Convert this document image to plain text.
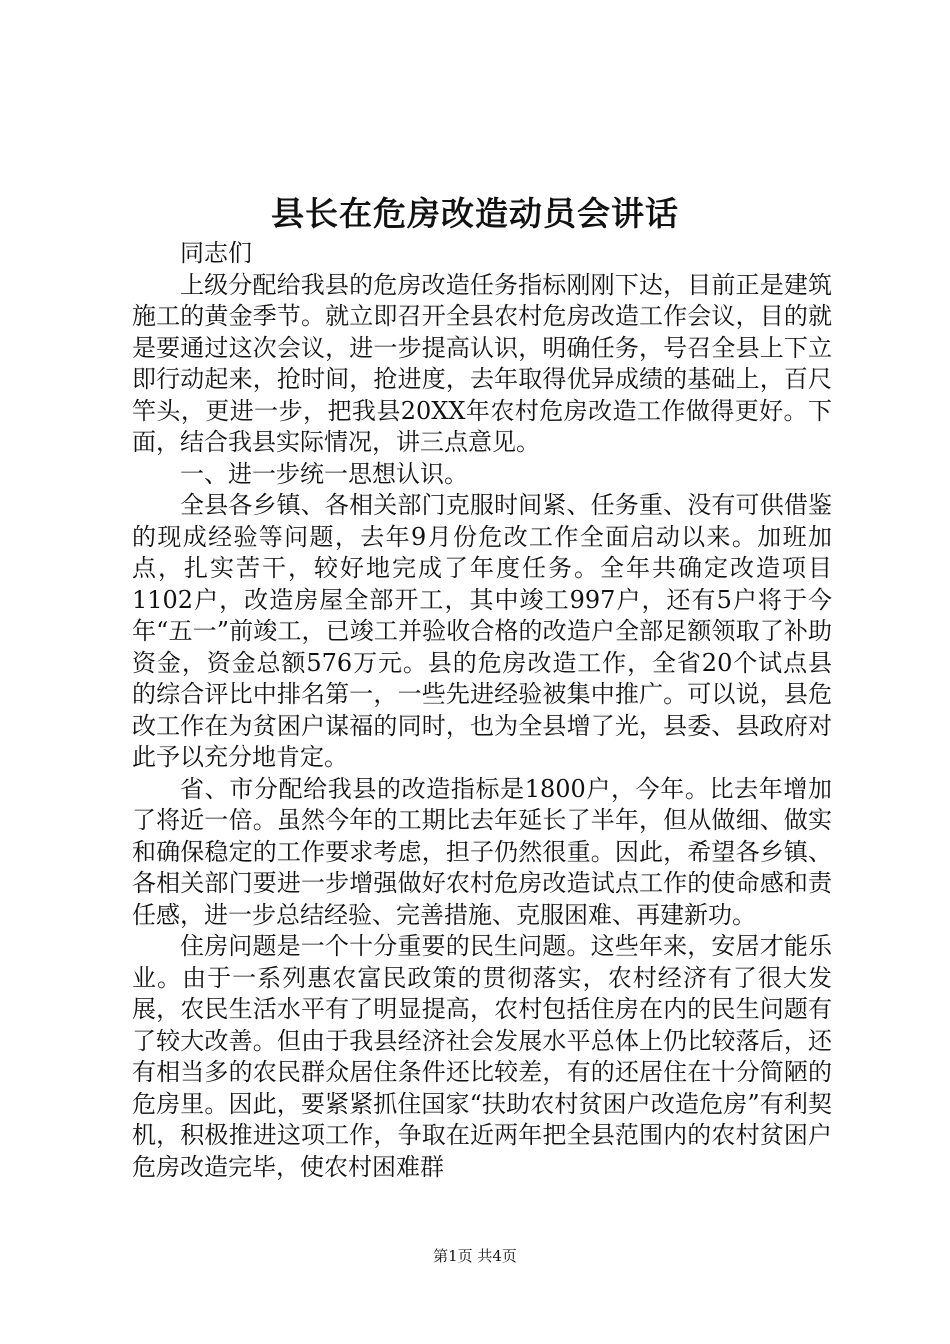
县长在危房改造动员会讲话

同志们

上级分配给我县的危房改造任务指标刚刚下达，目前正是建筑施工的黄金季节。就立即召开全县农村危房改造工作会议，目的就是要通过这次会议，进一步提高认识，明确任务，号召全县上下立即行动起来，抢时间，抢进度，去年取得优异成绩的基础上，百尺竿头，更进一步，把我县20XX年农村危房改造工作做得更好。下面，结合我县实际情况，讲三点意见。

一、进一步统一思想认识。

全县各乡镇、各相关部门克服时间紧、任务重、没有可供借鉴的现成经验等问题，去年9月份危改工作全面启动以来。加班加点，扎实苦干，较好地完成了年度任务。全年共确定改造项目1102户，改造房屋全部开工，其中竣工997户，还有5户将于今年“五一”前竣工，已竣工并验收合格的改造户全部足额领取了补助资金，资金总额576万元。县的危房改造工作，全省20个试点县的综合评比中排名第一，一些先进经验被集中推广。可以说，县危改工作在为贫困户谋福的同时，也为全县增了光，县委、县政府对此予以充分地肯定。

省、市分配给我县的改造指标是1800户，今年。比去年增加了将近一倍。虽然今年的工期比去年延长了半年，但从做细、做实和确保稳定的工作要求考虑，担子仍然很重。因此，希望各乡镇、各相关部门要进一步增强做好农村危房改造试点工作的使命感和责任感，进一步总结经验、完善措施、克服困难、再建新功。

住房问题是一个十分重要的民生问题。这些年来，安居才能乐业。由于一系列惠农富民政策的贯彻落实，农村经济有了很大发展，农民生活水平有了明显提高，农村包括住房在内的民生问题有了较大改善。但由于我县经济社会发展水平总体上仍比较落后，还有相当多的农民群众居住条件还比较差，有的还居住在十分简陋的危房里。因此，要紧紧抓住国家“扶助农村贫困户改造危房”有利契机，积极推进这项工作，争取在近两年把全县范围内的农村贫困户危房改造完毕，使农村困难群

第1页 共4页
